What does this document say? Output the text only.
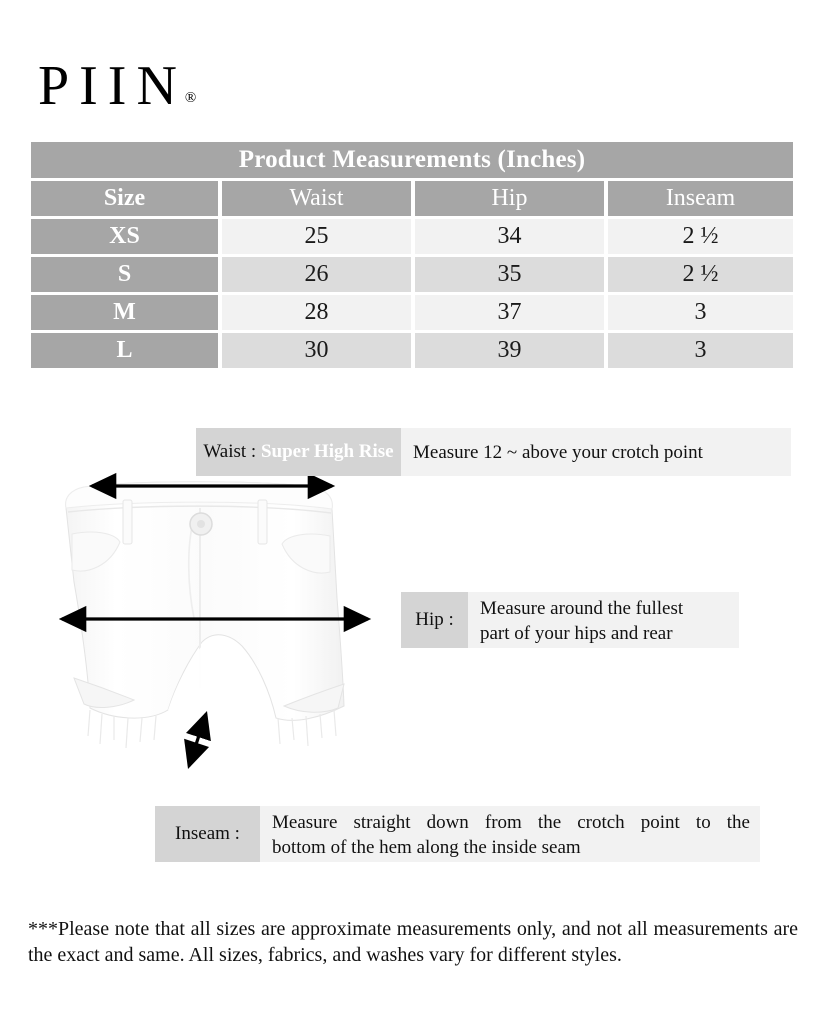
PIIN®
Product Measurements (Inches)
Size	Waist	Hip	Inseam
XS	25	34	2 ½
S	26	35	2 ½
M	28	37	3
L	30	39	3
Waist : Super High Rise	Measure 12 ~ above your crotch point
Hip :
Measure around the fullest
part of your hips and rear
Inseam :
Measure straight down from the crotch point to the
bottom of the hem along the inside seam
***Please note that all sizes are approximate measurements only, and not all measurements are the exact and same. All sizes, fabrics, and washes vary for different styles.
